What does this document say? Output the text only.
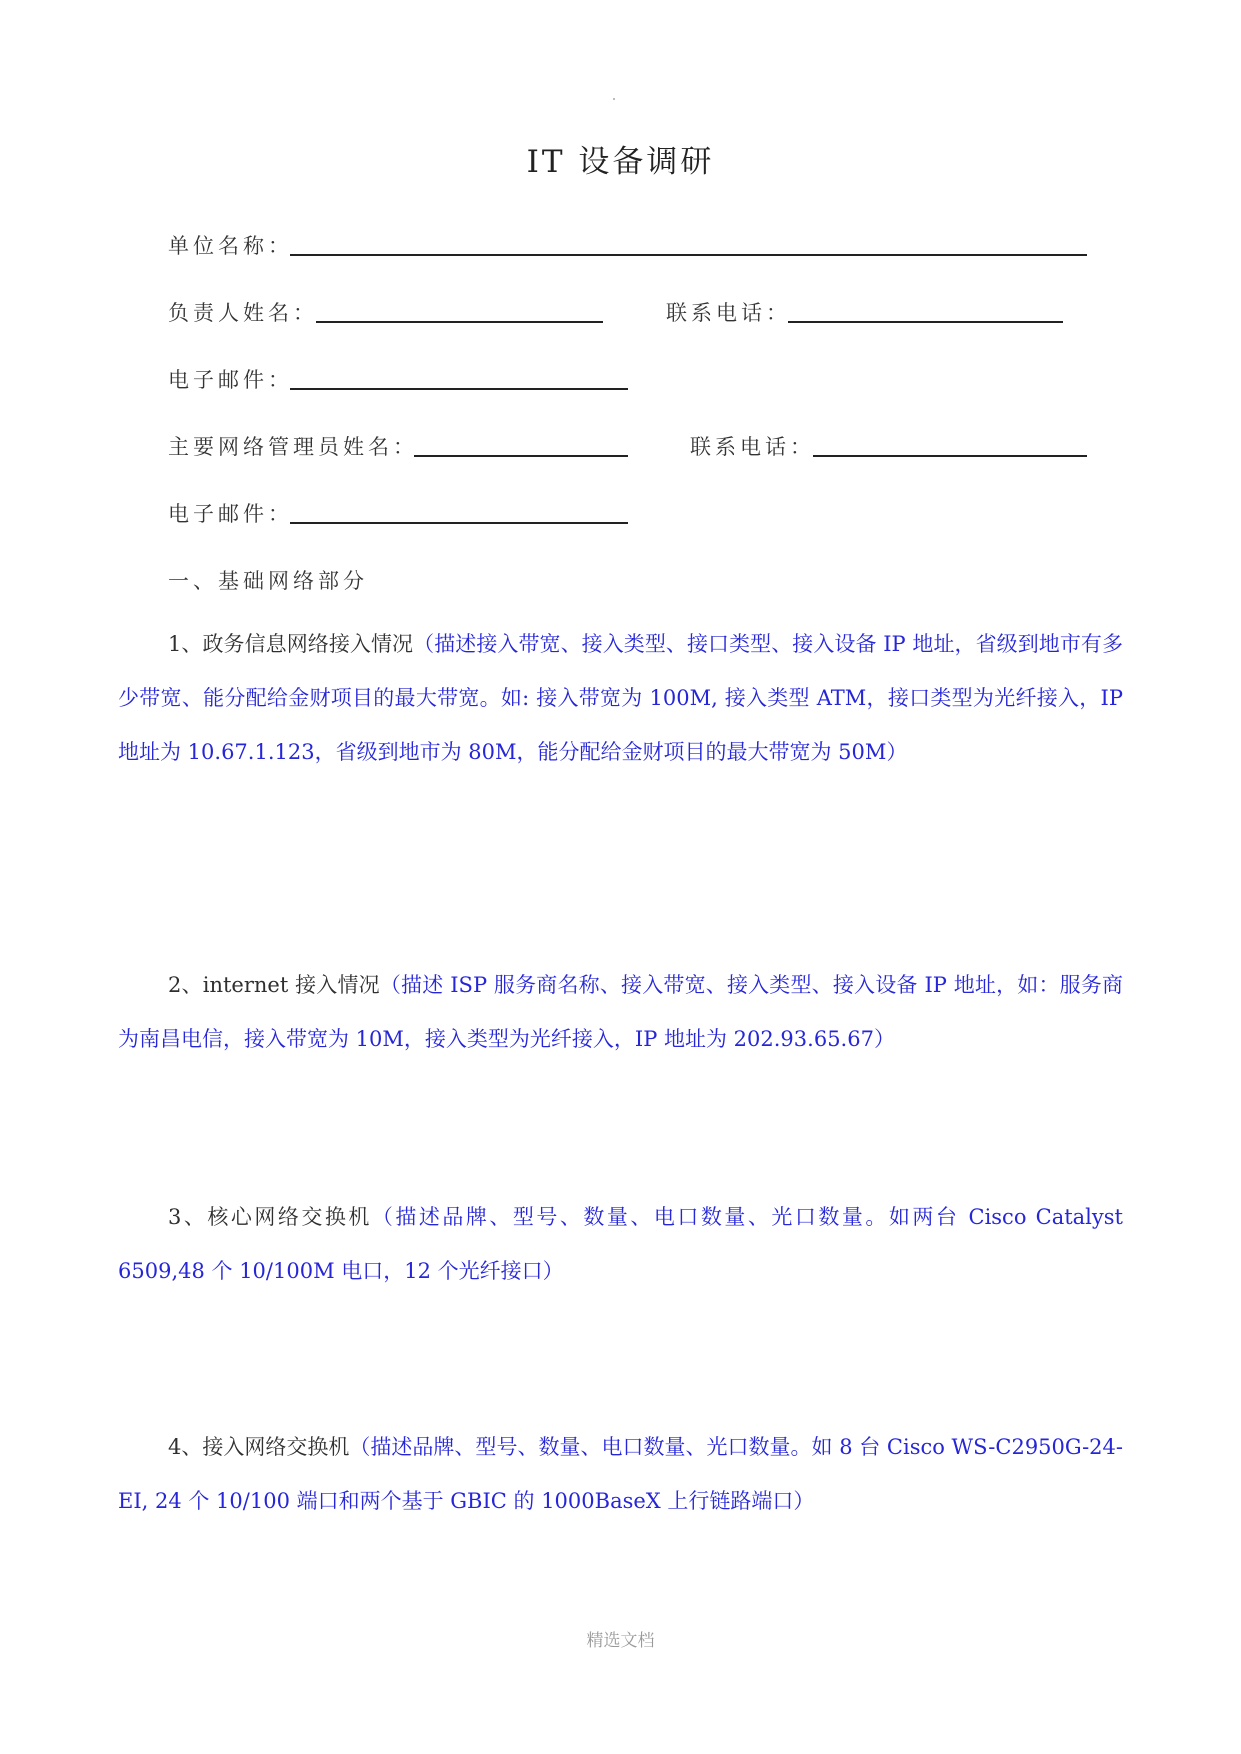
IT 设备调研
单位名称：
负责人姓名：	联系电话：
电子邮件：
主要网络管理员姓名：	联系电话：
电子邮件：
一、基础网络部分
1、政务信息网络接入情况（描述接入带宽、接入类型、接口类型、接入设备 IP 地址，省级到地市有多少带宽、能分配给金财项目的最大带宽。如: 接入带宽为 100M, 接入类型 ATM，接口类型为光纤接入，IP 地址为 10.67.1.123，省级到地市为 80M，能分配给金财项目的最大带宽为 50M）
2、internet 接入情况（描述 ISP 服务商名称、接入带宽、接入类型、接入设备 IP 地址，如：服务商为南昌电信，接入带宽为 10M，接入类型为光纤接入，IP 地址为 202.93.65.67）
3、核心网络交换机（描述品牌、型号、数量、电口数量、光口数量。如两台 Cisco Catalyst 6509,48 个 10/100M 电口，12 个光纤接口）
4、接入网络交换机（描述品牌、型号、数量、电口数量、光口数量。如 8 台 Cisco WS-C2950G-24-EI, 24 个 10/100 端口和两个基于 GBIC 的 1000BaseX 上行链路端口）
精选文档
